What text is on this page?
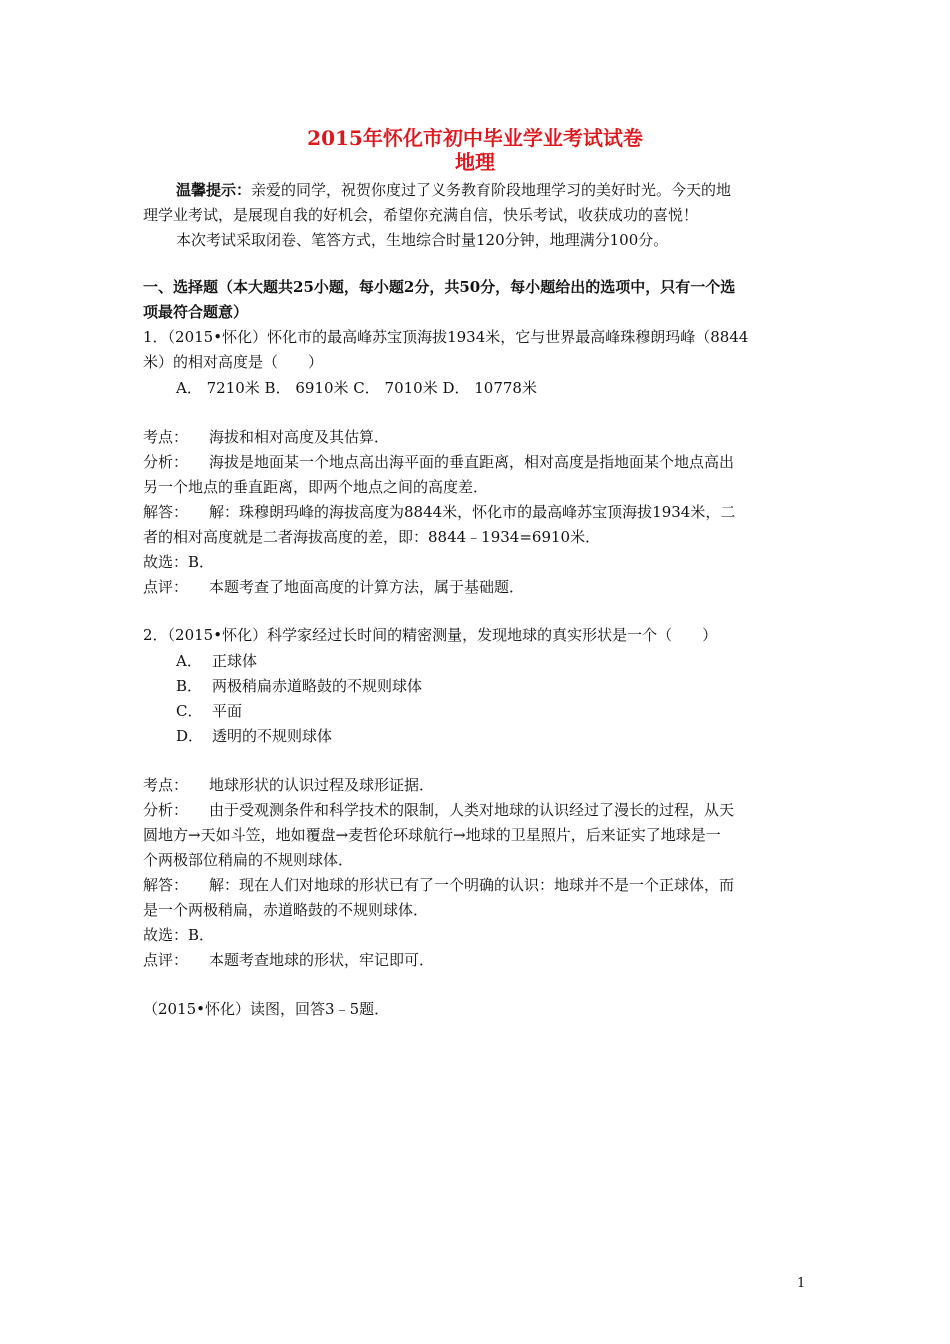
2015年怀化市初中毕业学业考试试卷
地理
温馨提示：亲爱的同学，祝贺你度过了义务教育阶段地理学习的美好时光。今天的地
理学业考试，是展现自我的好机会，希望你充满自信，快乐考试，收获成功的喜悦！
本次考试采取闭卷、笔答方式，生地综合时量120分钟，地理满分100分。
一、选择题（本大题共25小题，每小题2分，共50分，每小题给出的选项中，只有一个选
项最符合题意）
1．（2015•怀化）怀化市的最高峰苏宝顶海拔1934米，它与世界最高峰珠穆朗玛峰（8844
米）的相对高度是（　　）
A． 7210米 B． 6910米 C． 7010米 D． 10778米
考点： 海拔和相对高度及其估算．
分析： 海拔是地面某一个地点高出海平面的垂直距离，相对高度是指地面某个地点高出
另一个地点的垂直距离，即两个地点之间的高度差．
解答： 解：珠穆朗玛峰的海拔高度为8844米，怀化市的最高峰苏宝顶海拔1934米，二
者的相对高度就是二者海拔高度的差，即：8844﹣1934=6910米．
故选：B．
点评： 本题考查了地面高度的计算方法，属于基础题．
2．（2015•怀化）科学家经过长时间的精密测量，发现地球的真实形状是一个（　　）
A． 正球体
B． 两极稍扁赤道略鼓的不规则球体
C． 平面
D． 透明的不规则球体
考点： 地球形状的认识过程及球形证据．
分析： 由于受观测条件和科学技术的限制，人类对地球的认识经过了漫长的过程，从天
圆地方→天如斗笠，地如覆盘→麦哲伦环球航行→地球的卫星照片，后来证实了地球是一
个两极部位稍扁的不规则球体．
解答： 解：现在人们对地球的形状已有了一个明确的认识：地球并不是一个正球体，而
是一个两极稍扁，赤道略鼓的不规则球体．
故选：B．
点评： 本题考查地球的形状，牢记即可．
（2015•怀化）读图，回答3﹣5题．
1
